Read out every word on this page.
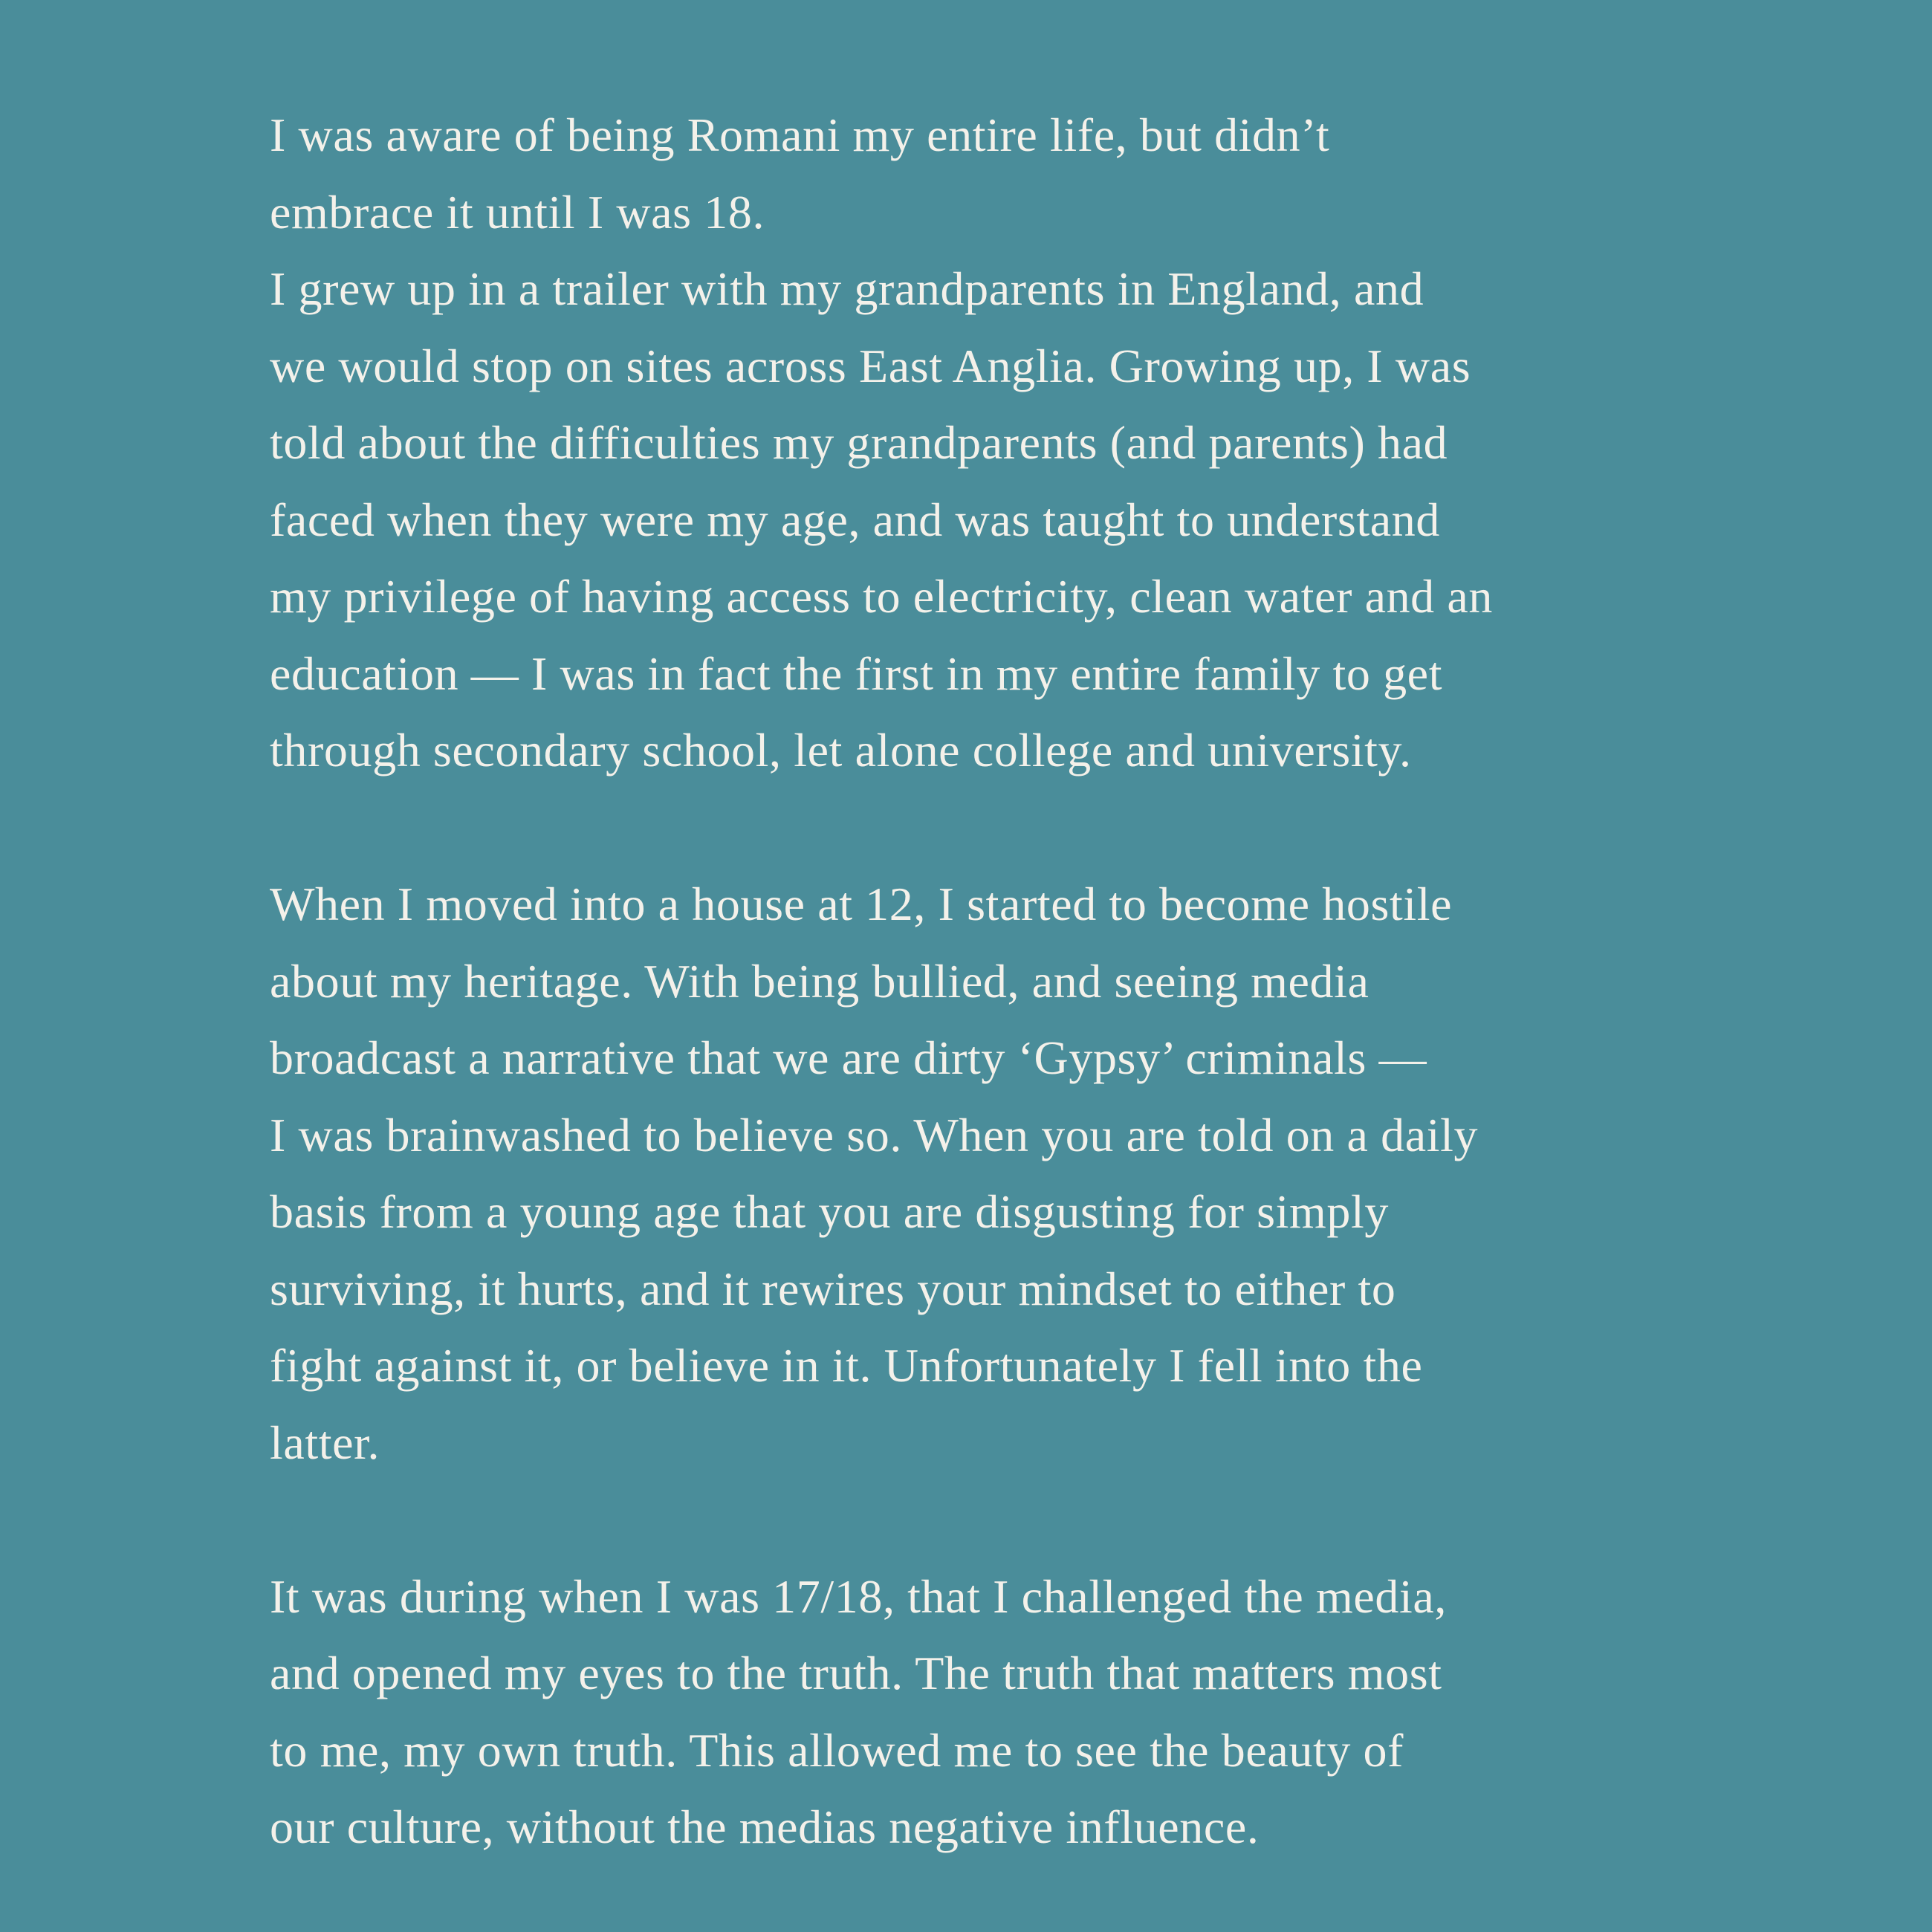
I was aware of being Romani my entire life, but didn’t
embrace it until I was 18.
I grew up in a trailer with my grandparents in England, and
we would stop on sites across East Anglia. Growing up, I was
told about the difficulties my grandparents (and parents) had
faced when they were my age, and was taught to understand
my privilege of having access to electricity, clean water and an
education — I was in fact the first in my entire family to get
through secondary school, let alone college and university.
When I moved into a house at 12, I started to become hostile
about my heritage. With being bullied, and seeing media
broadcast a narrative that we are dirty ‘Gypsy’ criminals —
I was brainwashed to believe so. When you are told on a daily
basis from a young age that you are disgusting for simply
surviving, it hurts, and it rewires your mindset to either to
fight against it, or believe in it. Unfortunately I fell into the
latter.
It was during when I was 17/18, that I challenged the media,
and opened my eyes to the truth. The truth that matters most
to me, my own truth. This allowed me to see the beauty of
our culture, without the medias negative influence.
